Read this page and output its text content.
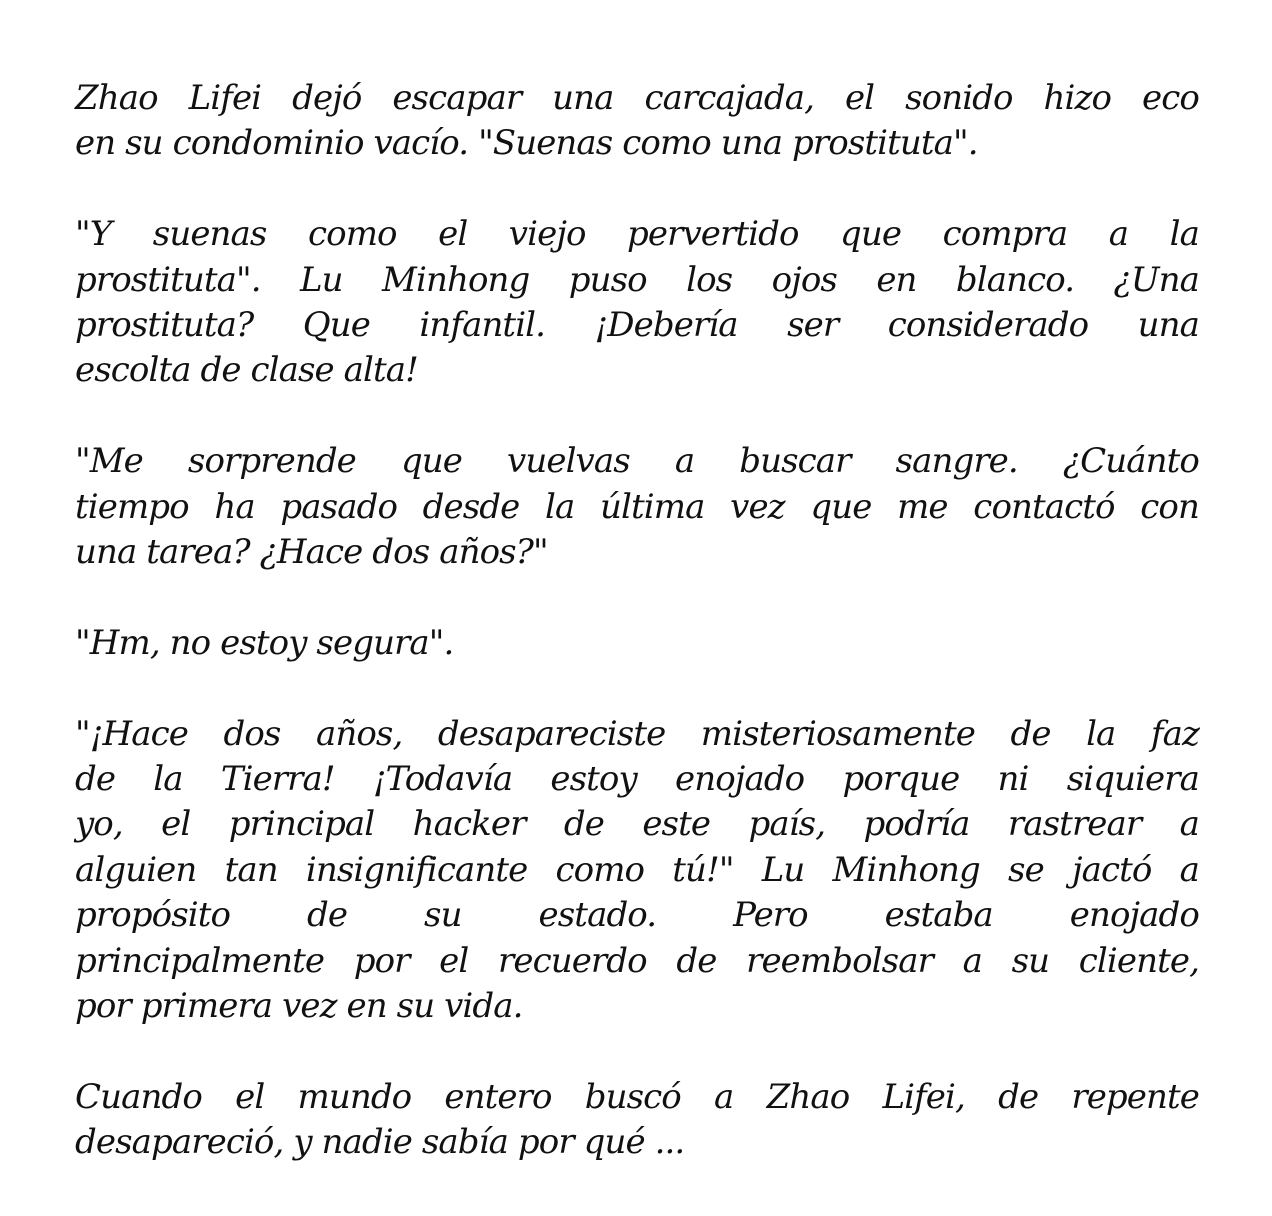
Zhao Lifei dejó escapar una carcajada, el sonido hizo eco
en su condominio vacío. "Suenas como una prostituta".

"Y suenas como el viejo pervertido que compra a la
prostituta". Lu Minhong puso los ojos en blanco. ¿Una
prostituta? Que infantil. ¡Debería ser considerado una
escolta de clase alta!

"Me sorprende que vuelvas a buscar sangre. ¿Cuánto
tiempo ha pasado desde la última vez que me contactó con
una tarea? ¿Hace dos años?"

"Hm, no estoy segura".

"¡Hace dos años, desapareciste misteriosamente de la faz
de la Tierra! ¡Todavía estoy enojado porque ni siquiera
yo, el principal hacker de este país, podría rastrear a
alguien tan insignificante como tú!" Lu Minhong se jactó a
propósito de su estado. Pero estaba enojado
principalmente por el recuerdo de reembolsar a su cliente,
por primera vez en su vida.

Cuando el mundo entero buscó a Zhao Lifei, de repente
desapareció, y nadie sabía por qué ...
